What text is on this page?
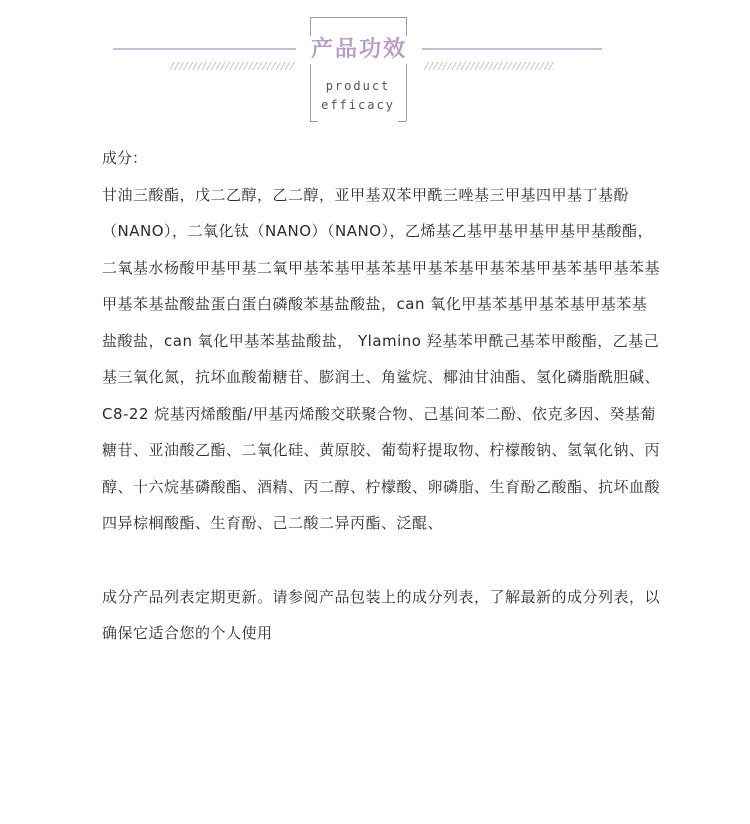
产品功效
product
efficacy

成分：

甘油三酸酯，戊二乙醇，乙二醇，亚甲基双苯甲酰三唑基三甲基四甲基丁基酚（NANO），二氧化钛（NANO）（NANO），乙烯基乙基甲基甲基甲基甲基酸酯，二氧基水杨酸甲基甲基二氧甲基苯基甲基苯基甲基苯基甲基苯基甲基苯基甲基苯基甲基苯基盐酸盐蛋白蛋白磷酸苯基盐酸盐，can 氧化甲基苯基甲基苯基甲基苯基盐酸盐，can 氧化甲基苯基盐酸盐， Ylamino 羟基苯甲酰己基苯甲酸酯，乙基己基三氧化氮，抗坏血酸葡糖苷、膨润土、角鲨烷、椰油甘油酯、氢化磷脂酰胆碱、C8-22 烷基丙烯酸酯/甲基丙烯酸交联聚合物、己基间苯二酚、依克多因、癸基葡糖苷、亚油酸乙酯、二氧化硅、黄原胶、葡萄籽提取物、柠檬酸钠、氢氧化钠、丙醇、十六烷基磷酸酯、酒精、丙二醇、柠檬酸、卵磷脂、生育酚乙酸酯、抗坏血酸四异棕榈酸酯、生育酚、己二酸二异丙酯、泛醌、

成分产品列表定期更新。请参阅产品包装上的成分列表，了解最新的成分列表，以确保它适合您的个人使用
